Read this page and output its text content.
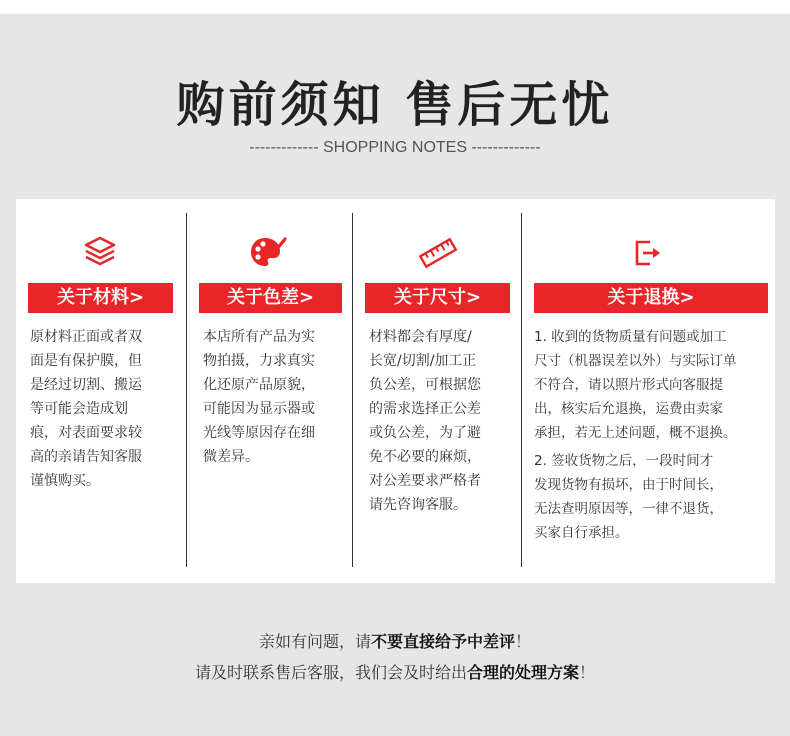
购前须知 售后无忧
------------- SHOPPING NOTES -------------
关于材料>

原材料正面或者双

面是有保护膜，但

是经过切割、搬运

等可能会造成划

痕，对表面要求较

高的亲请告知客服

谨慎购买。

关于色差>

本店所有产品为实

物拍摄，力求真实

化还原产品原貌，

可能因为显示器或

光线等原因存在细

微差异。

关于尺寸>

材料都会有厚度/

长宽/切割/加工正

负公差，可根据您

的需求选择正公差

或负公差，为了避

免不必要的麻烦，

对公差要求严格者

请先咨询客服。

关于退换>

1. 收到的货物质量有问题或加工

尺寸（机器误差以外）与实际订单

不符合，请以照片形式向客服提

出，核实后允退换，运费由卖家

承担，若无上述问题，概不退换。

2. 签收货物之后，一段时间才

发现货物有损坏，由于时间长，

无法查明原因等，一律不退货，

买家自行承担。

亲如有问题，请不要直接给予中差评！
请及时联系售后客服，我们会及时给出合理的处理方案！
